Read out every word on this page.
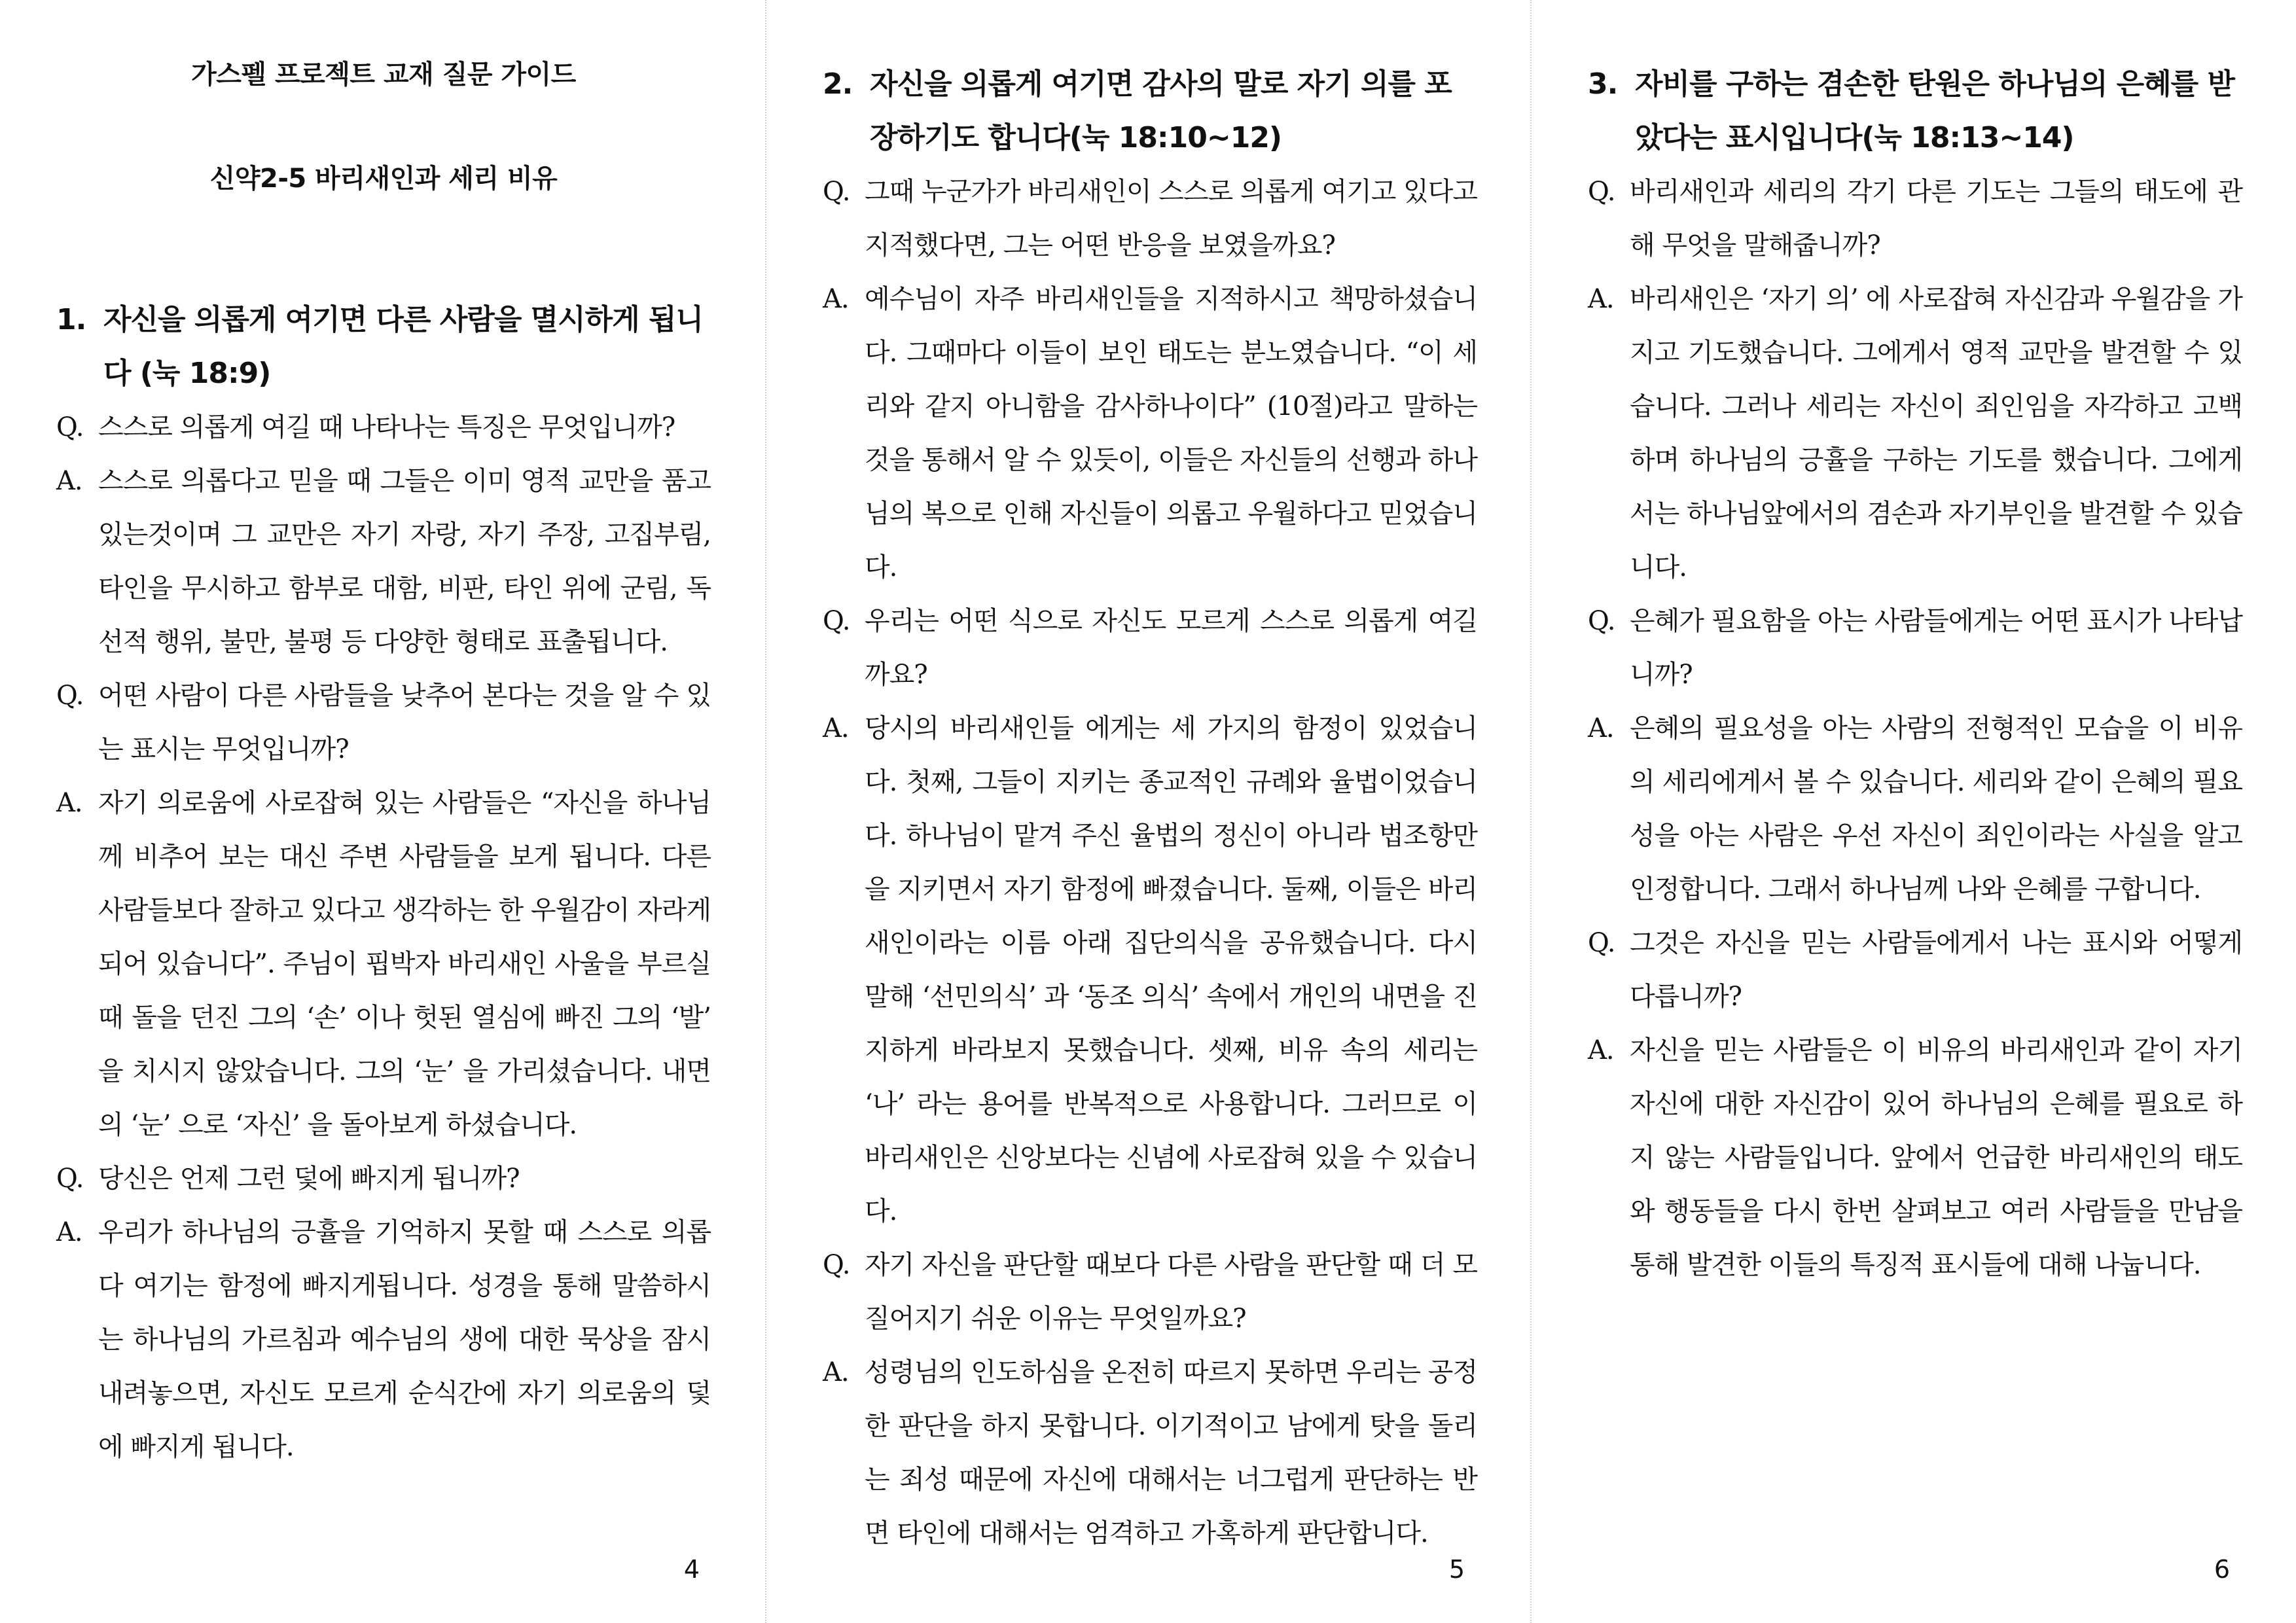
가스펠 프로젝트 교재 질문 가이드
신약2-5 바리새인과 세리 비유
1. 자신을 의롭게 여기면 다른 사람을 멸시하게 됩니다 (눅 18:9)
Q. 스스로 의롭게 여길 때 나타나는 특징은 무엇입니까?
A. 스스로 의롭다고 믿을 때 그들은 이미 영적 교만을 품고 있는것이며 그 교만은 자기 자랑, 자기 주장, 고집부림, 타인을 무시하고 함부로 대함, 비판, 타인 위에 군림, 독선적 행위, 불만, 불평 등 다양한 형태로 표출됩니다.
Q. 어떤 사람이 다른 사람들을 낮추어 본다는 것을 알 수 있는 표시는 무엇입니까?
A. 자기 의로움에 사로잡혀 있는 사람들은 “자신을 하나님께 비추어 보는 대신 주변 사람들을 보게 됩니다. 다른 사람들보다 잘하고 있다고 생각하는 한 우월감이 자라게 되어 있습니다”. 주님이 핍박자 바리새인 사울을 부르실 때 돌을 던진 그의 ‘손’ 이나 헛된 열심에 빠진 그의 ‘발’ 을 치시지 않았습니다. 그의 ‘눈’ 을 가리셨습니다. 내면의 ‘눈’ 으로 ‘자신’ 을 돌아보게 하셨습니다.
Q. 당신은 언제 그런 덫에 빠지게 됩니까?
A. 우리가 하나님의 긍휼을 기억하지 못할 때 스스로 의롭다 여기는 함정에 빠지게됩니다. 성경을 통해 말씀하시는 하나님의 가르침과 예수님의 생에 대한 묵상을 잠시 내려놓으면, 자신도 모르게 순식간에 자기 의로움의 덫에 빠지게 됩니다.
4
2. 자신을 의롭게 여기면 감사의 말로 자기 의를 포장하기도 합니다(눅 18:10~12)
Q. 그때 누군가가 바리새인이 스스로 의롭게 여기고 있다고 지적했다면, 그는 어떤 반응을 보였을까요?
A. 예수님이 자주 바리새인들을 지적하시고 책망하셨습니다. 그때마다 이들이 보인 태도는 분노였습니다. “이 세리와 같지 아니함을 감사하나이다” (10절)라고 말하는 것을 통해서 알 수 있듯이, 이들은 자신들의 선행과 하나님의 복으로 인해 자신들이 의롭고 우월하다고 믿었습니다.
Q. 우리는 어떤 식으로 자신도 모르게 스스로 의롭게 여길까요?
A. 당시의 바리새인들 에게는 세 가지의 함정이 있었습니다. 첫째, 그들이 지키는 종교적인 규례와 율법이었습니다. 하나님이 맡겨 주신 율법의 정신이 아니라 법조항만을 지키면서 자기 함정에 빠졌습니다. 둘째, 이들은 바리새인이라는 이름 아래 집단의식을 공유했습니다. 다시 말해 ‘선민의식’ 과 ‘동조 의식’ 속에서 개인의 내면을 진지하게 바라보지 못했습니다. 셋째, 비유 속의 세리는 ‘나’ 라는 용어를 반복적으로 사용합니다. 그러므로 이 바리새인은 신앙보다는 신념에 사로잡혀 있을 수 있습니다.
Q. 자기 자신을 판단할 때보다 다른 사람을 판단할 때 더 모질어지기 쉬운 이유는 무엇일까요?
A. 성령님의 인도하심을 온전히 따르지 못하면 우리는 공정한 판단을 하지 못합니다. 이기적이고 남에게 탓을 돌리는 죄성 때문에 자신에 대해서는 너그럽게 판단하는 반면 타인에 대해서는 엄격하고 가혹하게 판단합니다.
5
3. 자비를 구하는 겸손한 탄원은 하나님의 은혜를 받았다는 표시입니다(눅 18:13~14)
Q. 바리새인과 세리의 각기 다른 기도는 그들의 태도에 관해 무엇을 말해줍니까?
A. 바리새인은 ‘자기 의’ 에 사로잡혀 자신감과 우월감을 가지고 기도했습니다. 그에게서 영적 교만을 발견할 수 있습니다. 그러나 세리는 자신이 죄인임을 자각하고 고백하며 하나님의 긍휼을 구하는 기도를 했습니다. 그에게서는 하나님앞에서의 겸손과 자기부인을 발견할 수 있습니다.
Q. 은혜가 필요함을 아는 사람들에게는 어떤 표시가 나타납니까?
A. 은혜의 필요성을 아는 사람의 전형적인 모습을 이 비유의 세리에게서 볼 수 있습니다. 세리와 같이 은혜의 필요성을 아는 사람은 우선 자신이 죄인이라는 사실을 알고 인정합니다. 그래서 하나님께 나와 은혜를 구합니다.
Q. 그것은 자신을 믿는 사람들에게서 나는 표시와 어떻게 다릅니까?
A. 자신을 믿는 사람들은 이 비유의 바리새인과 같이 자기 자신에 대한 자신감이 있어 하나님의 은혜를 필요로 하지 않는 사람들입니다. 앞에서 언급한 바리새인의 태도와 행동들을 다시 한번 살펴보고 여러 사람들을 만남을 통해 발견한 이들의 특징적 표시들에 대해 나눕니다.
6
